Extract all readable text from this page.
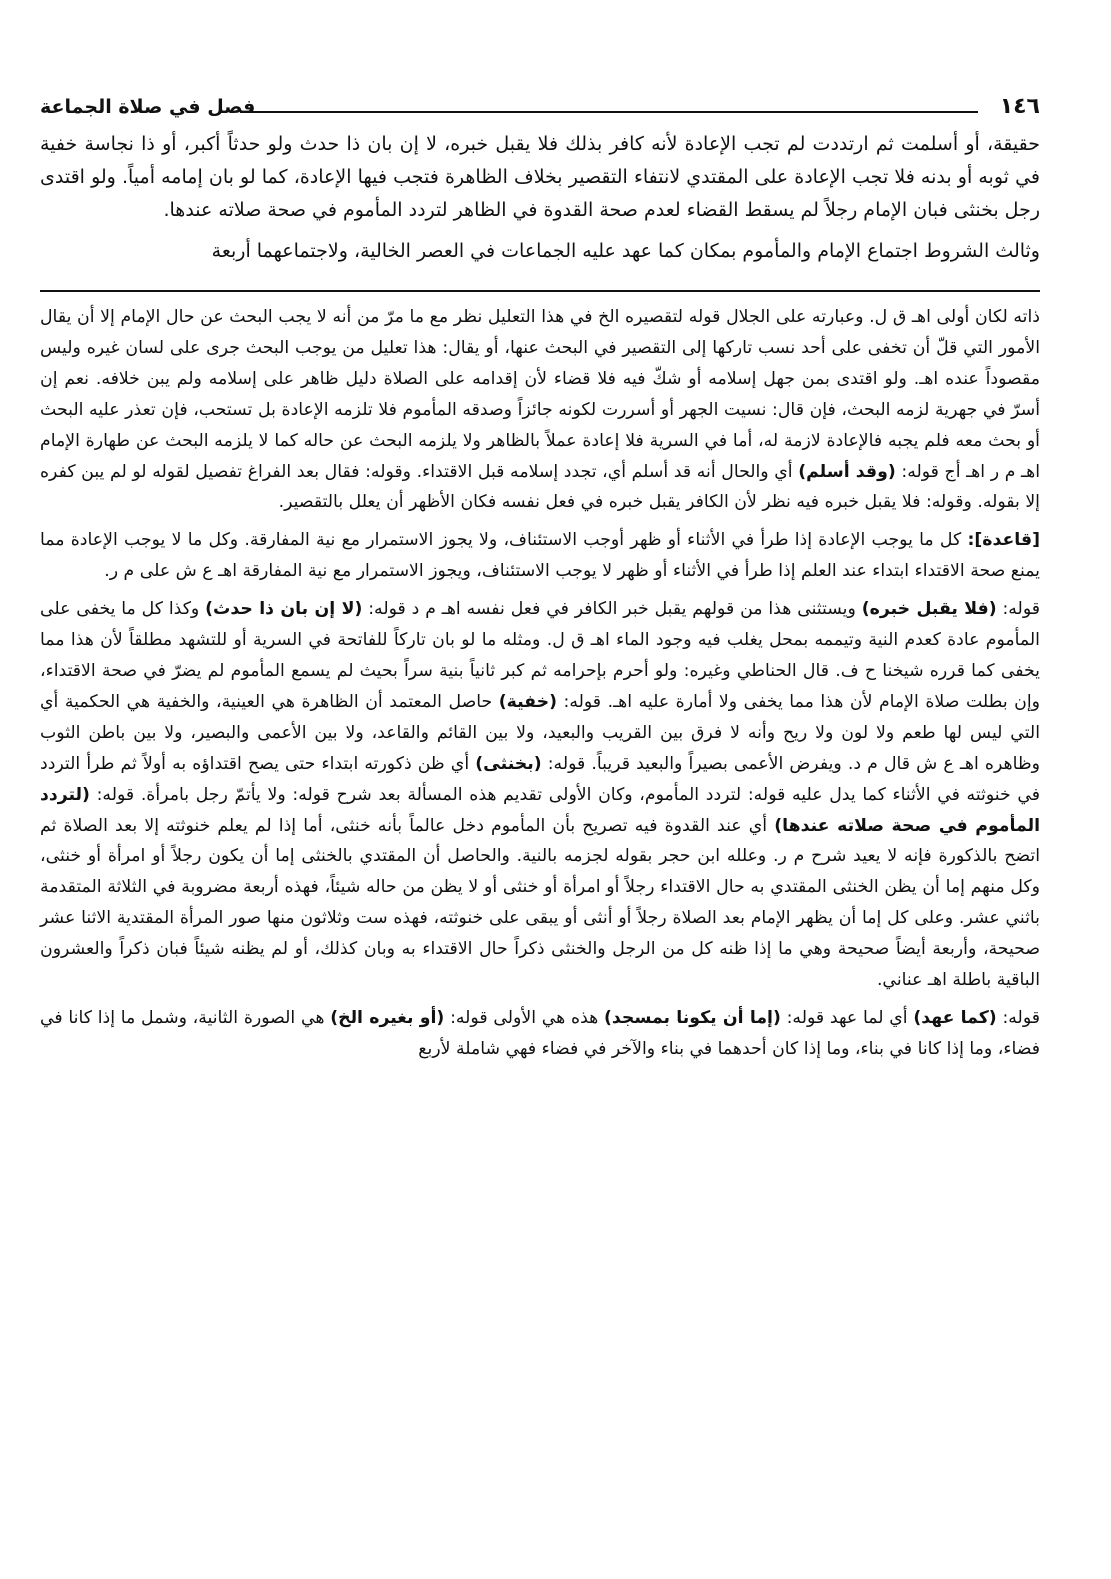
١٤٦
فصل في صلاة الجماعة

حقيقة، أو أسلمت ثم ارتددت لم تجب الإعادة لأنه كافر بذلك فلا يقبل خبره، لا إن بان ذا حدث ولو حدثاً أكبر، أو ذا نجاسة خفية في ثوبه أو بدنه فلا تجب الإعادة على المقتدي لانتفاء التقصير بخلاف الظاهرة فتجب فيها الإعادة، كما لو بان إمامه أمياً. ولو اقتدى رجل بخنثى فبان الإمام رجلاً لم يسقط القضاء لعدم صحة القدوة في الظاهر لتردد المأموم في صحة صلاته عندها.

وثالث الشروط اجتماع الإمام والمأموم بمكان كما عهد عليه الجماعات في العصر الخالية، ولاجتماعهما أربعة

ذاته لكان أولى اهـ ق ل. وعبارته على الجلال قوله لتقصيره الخ في هذا التعليل نظر مع ما مرّ من أنه لا يجب البحث عن حال الإمام إلا أن يقال الأمور التي قلّ أن تخفى على أحد نسب تاركها إلى التقصير في البحث عنها، أو يقال: هذا تعليل من يوجب البحث جرى على لسان غيره وليس مقصوداً عنده اهـ. ولو اقتدى بمن جهل إسلامه أو شكّ فيه فلا قضاء لأن إقدامه على الصلاة دليل ظاهر على إسلامه ولم يبن خلافه. نعم إن أسرّ في جهرية لزمه البحث، فإن قال: نسيت الجهر أو أسررت لكونه جائزاً وصدقه المأموم فلا تلزمه الإعادة بل تستحب، فإن تعذر عليه البحث أو بحث معه فلم يجبه فالإعادة لازمة له، أما في السرية فلا إعادة عملاً بالظاهر ولا يلزمه البحث عن حاله كما لا يلزمه البحث عن طهارة الإمام اهـ م ر اهـ أج قوله: (وقد أسلم) أي والحال أنه قد أسلم أي، تجدد إسلامه قبل الاقتداء. وقوله: فقال بعد الفراغ تفصيل لقوله لو لم يبن كفره إلا بقوله. وقوله: فلا يقبل خبره فيه نظر لأن الكافر يقبل خبره في فعل نفسه فكان الأظهر أن يعلل بالتقصير.

[قاعدة]: كل ما يوجب الإعادة إذا طرأ في الأثناء أو ظهر أوجب الاستئناف، ولا يجوز الاستمرار مع نية المفارقة. وكل ما لا يوجب الإعادة مما يمنع صحة الاقتداء ابتداء عند العلم إذا طرأ في الأثناء أو ظهر لا يوجب الاستئناف، ويجوز الاستمرار مع نية المفارقة اهـ ع ش على م ر.

قوله: (فلا يقبل خبره) ويستثنى هذا من قولهم يقبل خبر الكافر في فعل نفسه اهـ م د قوله: (لا إن بان ذا حدث) وكذا كل ما يخفى على المأموم عادة كعدم النية وتيممه بمحل يغلب فيه وجود الماء اهـ ق ل. ومثله ما لو بان تاركاً للفاتحة في السرية أو للتشهد مطلقاً لأن هذا مما يخفى كما قرره شيخنا ح ف. قال الحناطي وغيره: ولو أحرم بإحرامه ثم كبر ثانياً بنية سراً بحيث لم يسمع المأموم لم يضرّ في صحة الاقتداء، وإن بطلت صلاة الإمام لأن هذا مما يخفى ولا أمارة عليه اهـ. قوله: (خفية) حاصل المعتمد أن الظاهرة هي العينية، والخفية هي الحكمية أي التي ليس لها طعم ولا لون ولا ريح وأنه لا فرق بين القريب والبعيد، ولا بين القائم والقاعد، ولا بين الأعمى والبصير، ولا بين باطن الثوب وظاهره اهـ ع ش قال م د. ويفرض الأعمى بصيراً والبعيد قريباً. قوله: (بخنثى) أي ظن ذكورته ابتداء حتى يصح اقتداؤه به أولاً ثم طرأ التردد في خنوثته في الأثناء كما يدل عليه قوله: لتردد المأموم، وكان الأولى تقديم هذه المسألة بعد شرح قوله: ولا يأتمّ رجل بامرأة. قوله: (لتردد المأموم في صحة صلاته عندها) أي عند القدوة فيه تصريح بأن المأموم دخل عالماً بأنه خنثى، أما إذا لم يعلم خنوثته إلا بعد الصلاة ثم اتضح بالذكورة فإنه لا يعيد شرح م ر. وعلله ابن حجر بقوله لجزمه بالنية. والحاصل أن المقتدي بالخنثى إما أن يكون رجلاً أو امرأة أو خنثى، وكل منهم إما أن يظن الخنثى المقتدي به حال الاقتداء رجلاً أو امرأة أو خنثى أو لا يظن من حاله شيئاً، فهذه أربعة مضروبة في الثلاثة المتقدمة باثني عشر. وعلى كل إما أن يظهر الإمام بعد الصلاة رجلاً أو أنثى أو يبقى على خنوثته، فهذه ست وثلاثون منها صور المرأة المقتدية الاثنا عشر صحيحة، وأربعة أيضاً صحيحة وهي ما إذا ظنه كل من الرجل والخنثى ذكراً حال الاقتداء به وبان كذلك، أو لم يظنه شيئاً فبان ذكراً والعشرون الباقية باطلة اهـ عناني.

قوله: (كما عهد) أي لما عهد قوله: (إما أن يكونا بمسجد) هذه هي الأولى قوله: (أو بغيره الخ) هي الصورة الثانية، وشمل ما إذا كانا في فضاء، وما إذا كانا في بناء، وما إذا كان أحدهما في بناء والآخر في فضاء فهي شاملة لأربع
